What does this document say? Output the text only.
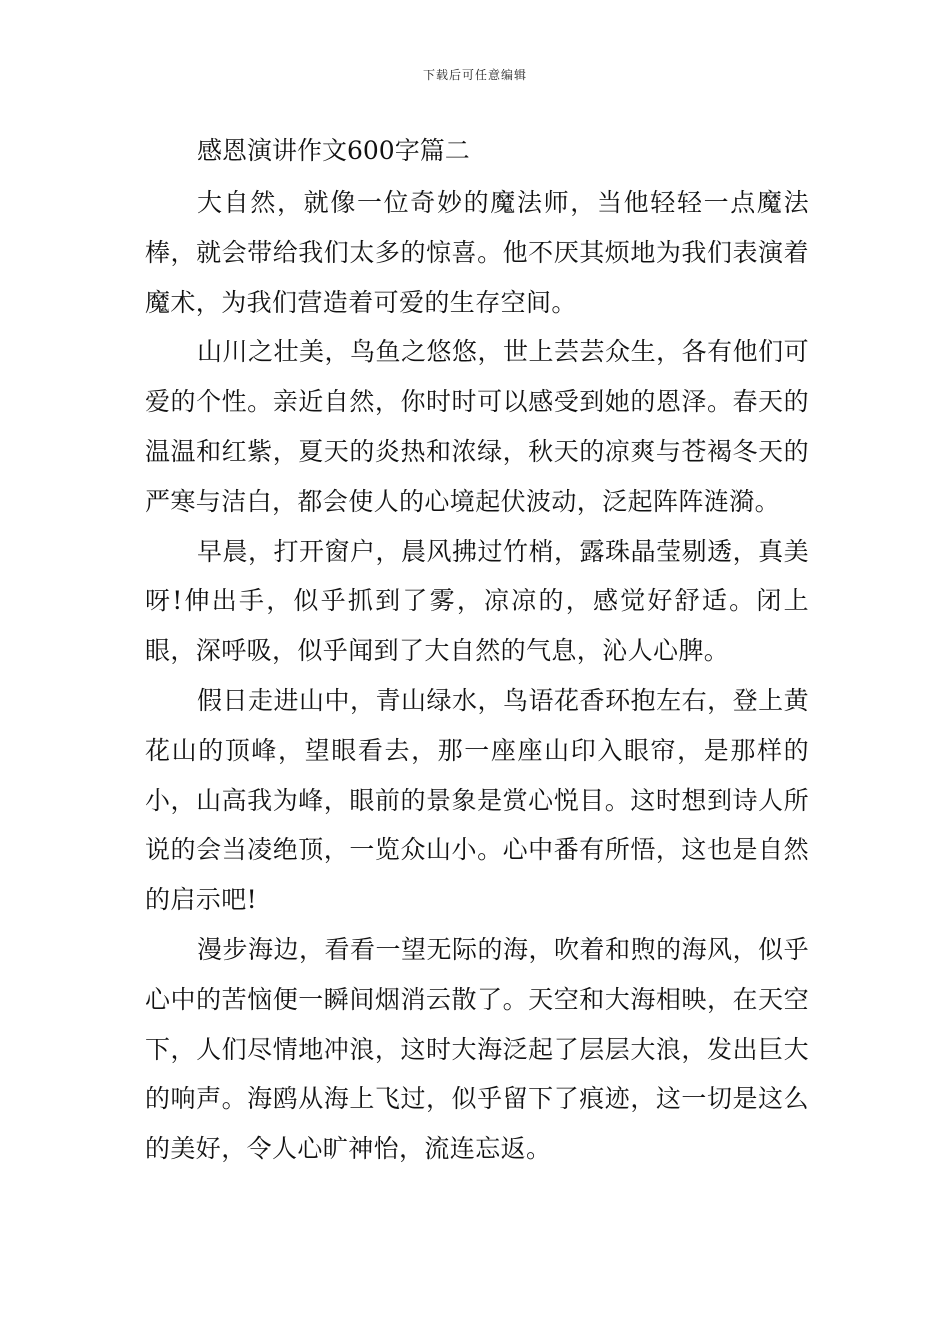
下载后可任意编辑
感恩演讲作文600字篇二

大自然，就像一位奇妙的魔法师，当他轻轻一点魔法棒，就会带给我们太多的惊喜。他不厌其烦地为我们表演着魔术，为我们营造着可爱的生存空间。

山川之壮美，鸟鱼之悠悠，世上芸芸众生，各有他们可爱的个性。亲近自然，你时时可以感受到她的恩泽。春天的温温和红紫，夏天的炎热和浓绿，秋天的凉爽与苍褐冬天的严寒与洁白，都会使人的心境起伏波动，泛起阵阵涟漪。

早晨，打开窗户，晨风拂过竹梢，露珠晶莹剔透，真美呀!伸出手，似乎抓到了雾，凉凉的，感觉好舒适。闭上眼，深呼吸，似乎闻到了大自然的气息，沁人心脾。

假日走进山中，青山绿水，鸟语花香环抱左右，登上黄花山的顶峰，望眼看去，那一座座山印入眼帘，是那样的小，山高我为峰，眼前的景象是赏心悦目。这时想到诗人所说的会当凌绝顶，一览众山小。心中番有所悟，这也是自然的启示吧!

漫步海边，看看一望无际的海，吹着和煦的海风，似乎心中的苦恼便一瞬间烟消云散了。天空和大海相映，在天空下，人们尽情地冲浪，这时大海泛起了层层大浪，发出巨大的响声。海鸥从海上飞过，似乎留下了痕迹，这一切是这么的美好，令人心旷神怡，流连忘返。
